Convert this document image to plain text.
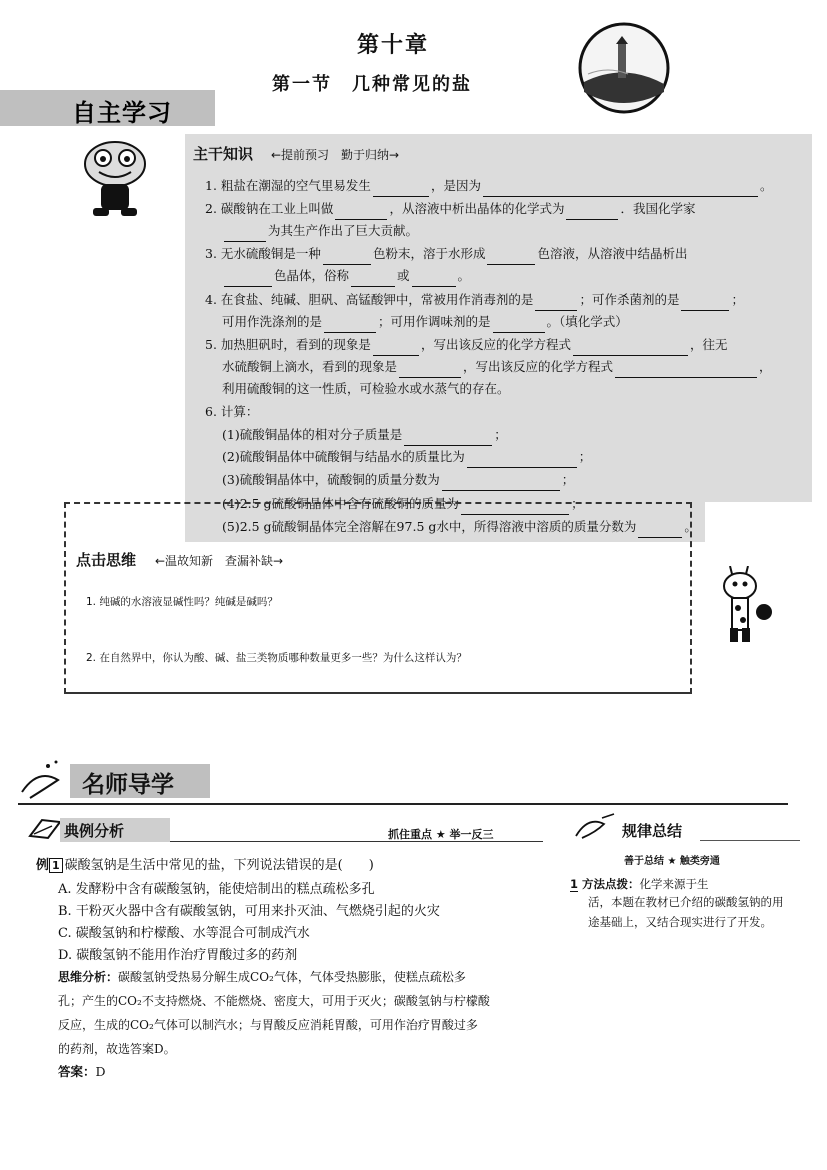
第十章
第一节　几种常见的盐
自主学习
主干知识 ←提前预习　勤于归纳→
1. 粗盐在潮湿的空气里易发生	，是因为	。
2. 碳酸钠在工业上叫做	，从溶液中析出晶体的化学式为	．我国化学家
为其生产作出了巨大贡献。
3. 无水硫酸铜是一种	色粉末，溶于水形成	色溶液，从溶液中结晶析出
色晶体，俗称	或	。
4. 在食盐、纯碱、胆矾、高锰酸钾中，常被用作消毒剂的是	；可作杀菌剂的是	；
可用作洗涤剂的是	；可用作调味剂的是	。（填化学式）
5. 加热胆矾时，看到的现象是	，写出该反应的化学方程式	，往无
水硫酸铜上滴水，看到的现象是	，写出该反应的化学方程式	，
利用硫酸铜的这一性质，可检验水或水蒸气的存在。
6. 计算：
(1)硫酸铜晶体的相对分子质量是	；
(2)硫酸铜晶体中硫酸铜与结晶水的质量比为	；
(3)硫酸铜晶体中，硫酸铜的质量分数为	；
(4)2.5 g硫酸铜晶体中含有硫酸铜的质量为	；
(5)2.5 g硫酸铜晶体完全溶解在97.5 g水中，所得溶液中溶质的质量分数为	。
点击思维 ←温故知新　查漏补缺→
1. 纯碱的水溶液显碱性吗？纯碱是碱吗？
2. 在自然界中，你认为酸、碱、盐三类物质哪种数量更多一些？为什么这样认为？
名师导学
典例分析	抓住重点 ★ 举一反三	规律总结
善于总结 ★ 触类旁通
例 1 碳酸氢钠是生活中常见的盐，下列说法错误的是(　　)
A. 发酵粉中含有碳酸氢钠，能使焙制出的糕点疏松多孔
B. 干粉灭火器中含有碳酸氢钠，可用来扑灭油、气燃烧引起的火灾
C. 碳酸氢钠和柠檬酸、水等混合可制成汽水
D. 碳酸氢钠不能用作治疗胃酸过多的药剂
思维分析：碳酸氢钠受热易分解生成CO₂气体，气体受热膨胀，使糕点疏松多
孔；产生的CO₂不支持燃烧、不能燃烧、密度大，可用于灭火；碳酸氢钠与柠檬酸
反应，生成的CO₂气体可以制汽水；与胃酸反应消耗胃酸，可用作治疗胃酸过多
的药剂，故选答案D。
答案：D
1 方法点拨：化学来源于生
活，本题在教材已介绍的碳酸氢钠的用
途基础上，又结合现实进行了开发。
